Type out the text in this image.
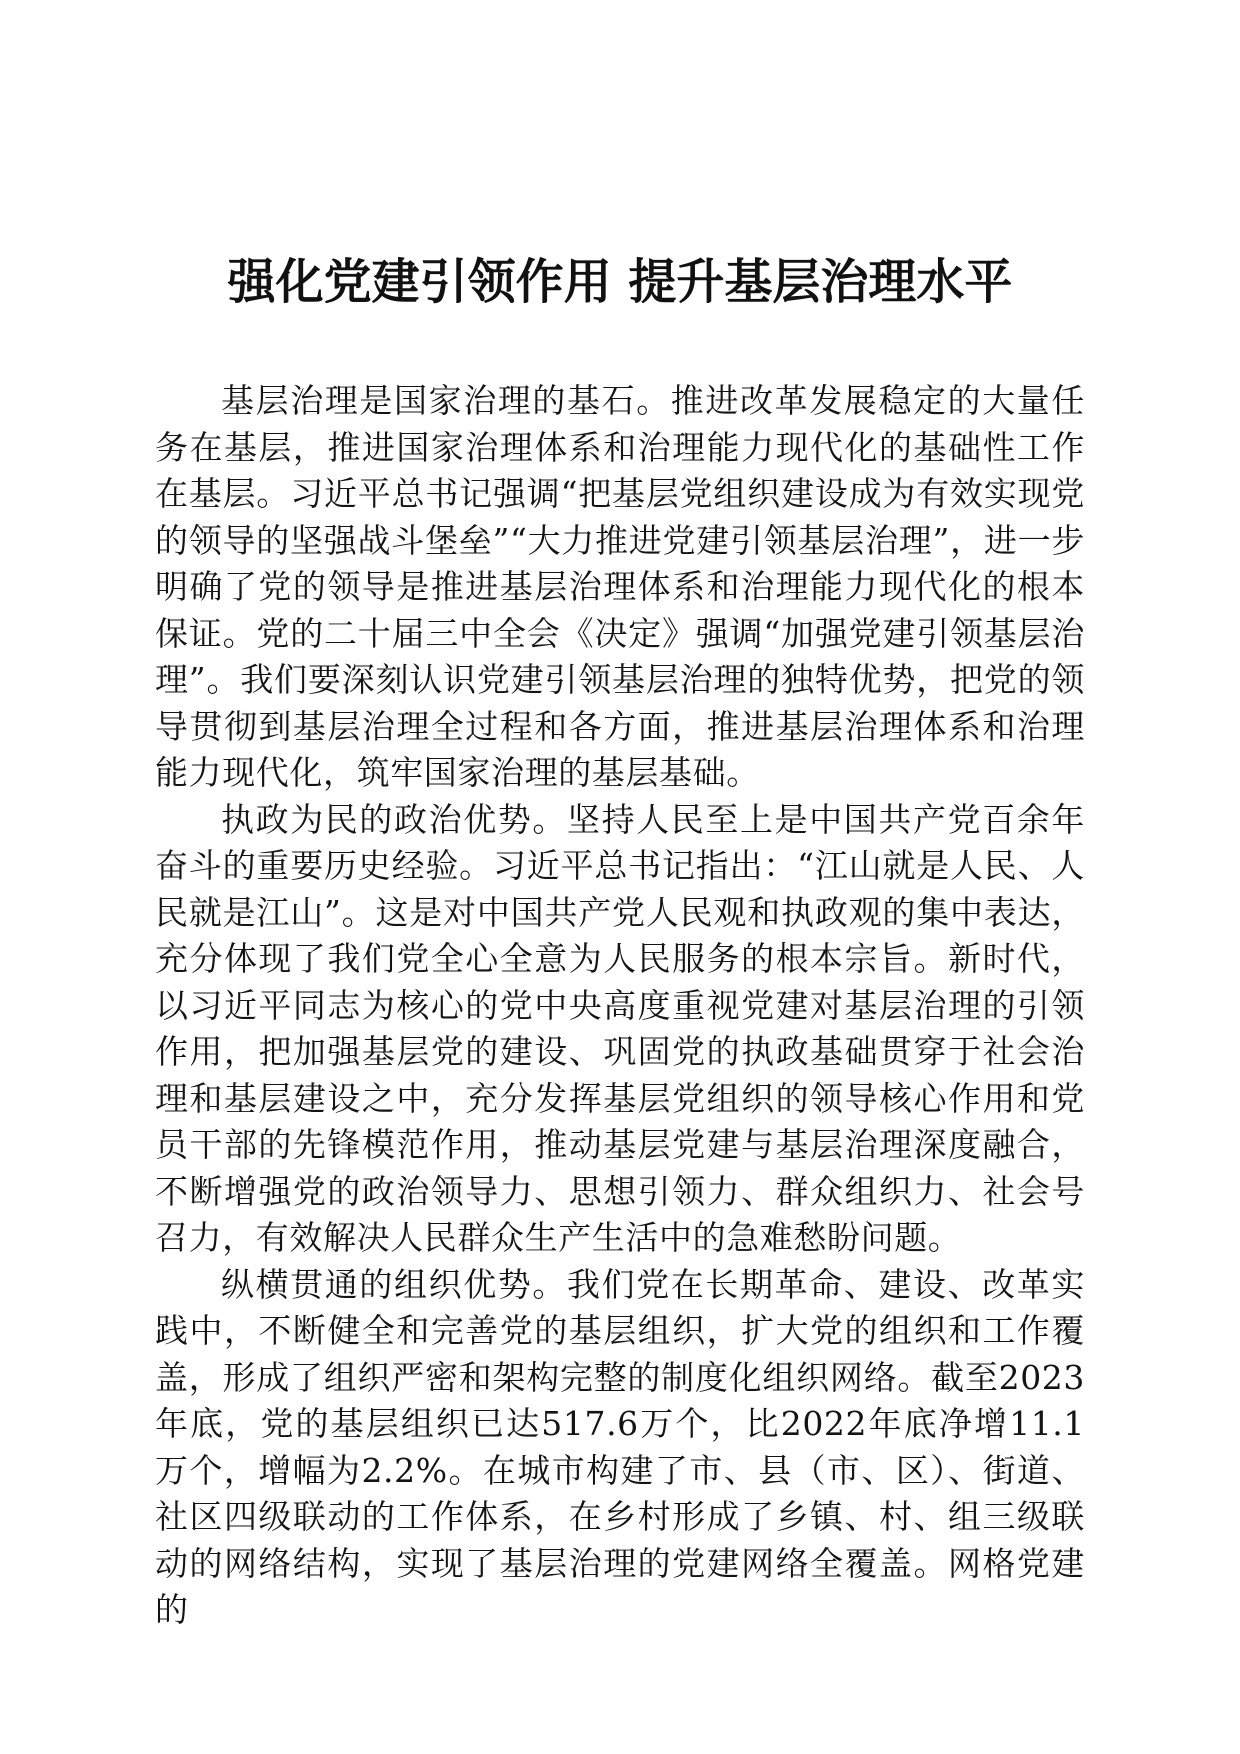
强化党建引领作用 提升基层治理水平

基层治理是国家治理的基石。推进改革发展稳定的大量任务在基层，推进国家治理体系和治理能力现代化的基础性工作在基层。习近平总书记强调“把基层党组织建设成为有效实现党的领导的坚强战斗堡垒”“大力推进党建引领基层治理”，进一步明确了党的领导是推进基层治理体系和治理能力现代化的根本保证。党的二十届三中全会《决定》强调“加强党建引领基层治理”。我们要深刻认识党建引领基层治理的独特优势，把党的领导贯彻到基层治理全过程和各方面，推进基层治理体系和治理能力现代化，筑牢国家治理的基层基础。

执政为民的政治优势。坚持人民至上是中国共产党百余年奋斗的重要历史经验。习近平总书记指出：“江山就是人民、人民就是江山”。这是对中国共产党人民观和执政观的集中表达，充分体现了我们党全心全意为人民服务的根本宗旨。新时代，以习近平同志为核心的党中央高度重视党建对基层治理的引领作用，把加强基层党的建设、巩固党的执政基础贯穿于社会治理和基层建设之中，充分发挥基层党组织的领导核心作用和党员干部的先锋模范作用，推动基层党建与基层治理深度融合，不断增强党的政治领导力、思想引领力、群众组织力、社会号召力，有效解决人民群众生产生活中的急难愁盼问题。

纵横贯通的组织优势。我们党在长期革命、建设、改革实践中，不断健全和完善党的基层组织，扩大党的组织和工作覆盖，形成了组织严密和架构完整的制度化组织网络。截至2023年底，党的基层组织已达517.6万个，比2022年底净增11.1万个，增幅为2.2%。在城市构建了市、县（市、区）、街道、社区四级联动的工作体系，在乡村形成了乡镇、村、组三级联动的网络结构，实现了基层治理的党建网络全覆盖。网格党建的
